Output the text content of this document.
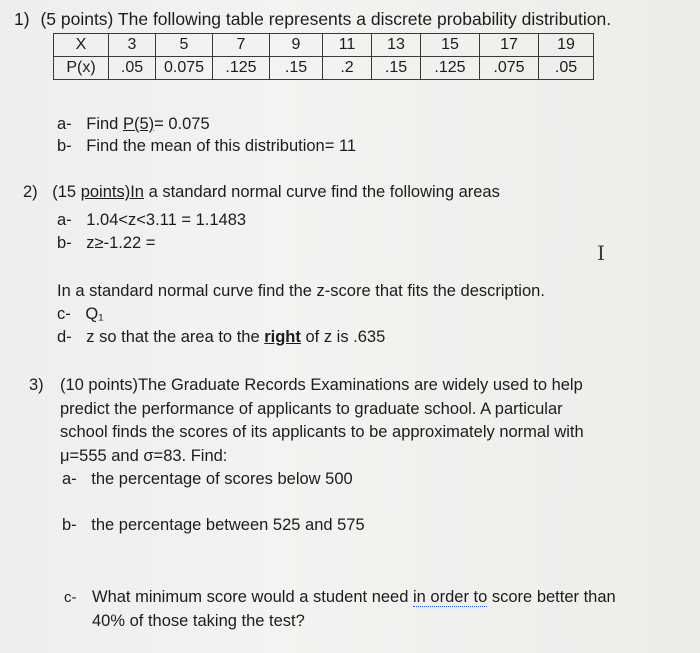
1) (5 points) The following table represents a discrete probability distribution.
X	3	5	7	9	11	13	15	17	19
P(x)	.05	0.075	.125	.15	.2	.15	.125	.075	.05
a- Find P(5)= 0.075
b- Find the mean of this distribution= 11
2) (15 points)In a standard normal curve find the following areas
a- 1.04<z<3.11 = 1.1483
b- z≥-1.22 =	I
In a standard normal curve find the z-score that fits the description.
c- Q₁
d- z so that the area to the right of z is .635
3) (10 points)The Graduate Records Examinations are widely used to help
predict the performance of applicants to graduate school. A particular
school finds the scores of its applicants to be approximately normal with
μ=555 and σ=83. Find:
a- the percentage of scores below 500
b- the percentage between 525 and 575
c- What minimum score would a student need in order to score better than
40% of those taking the test?
